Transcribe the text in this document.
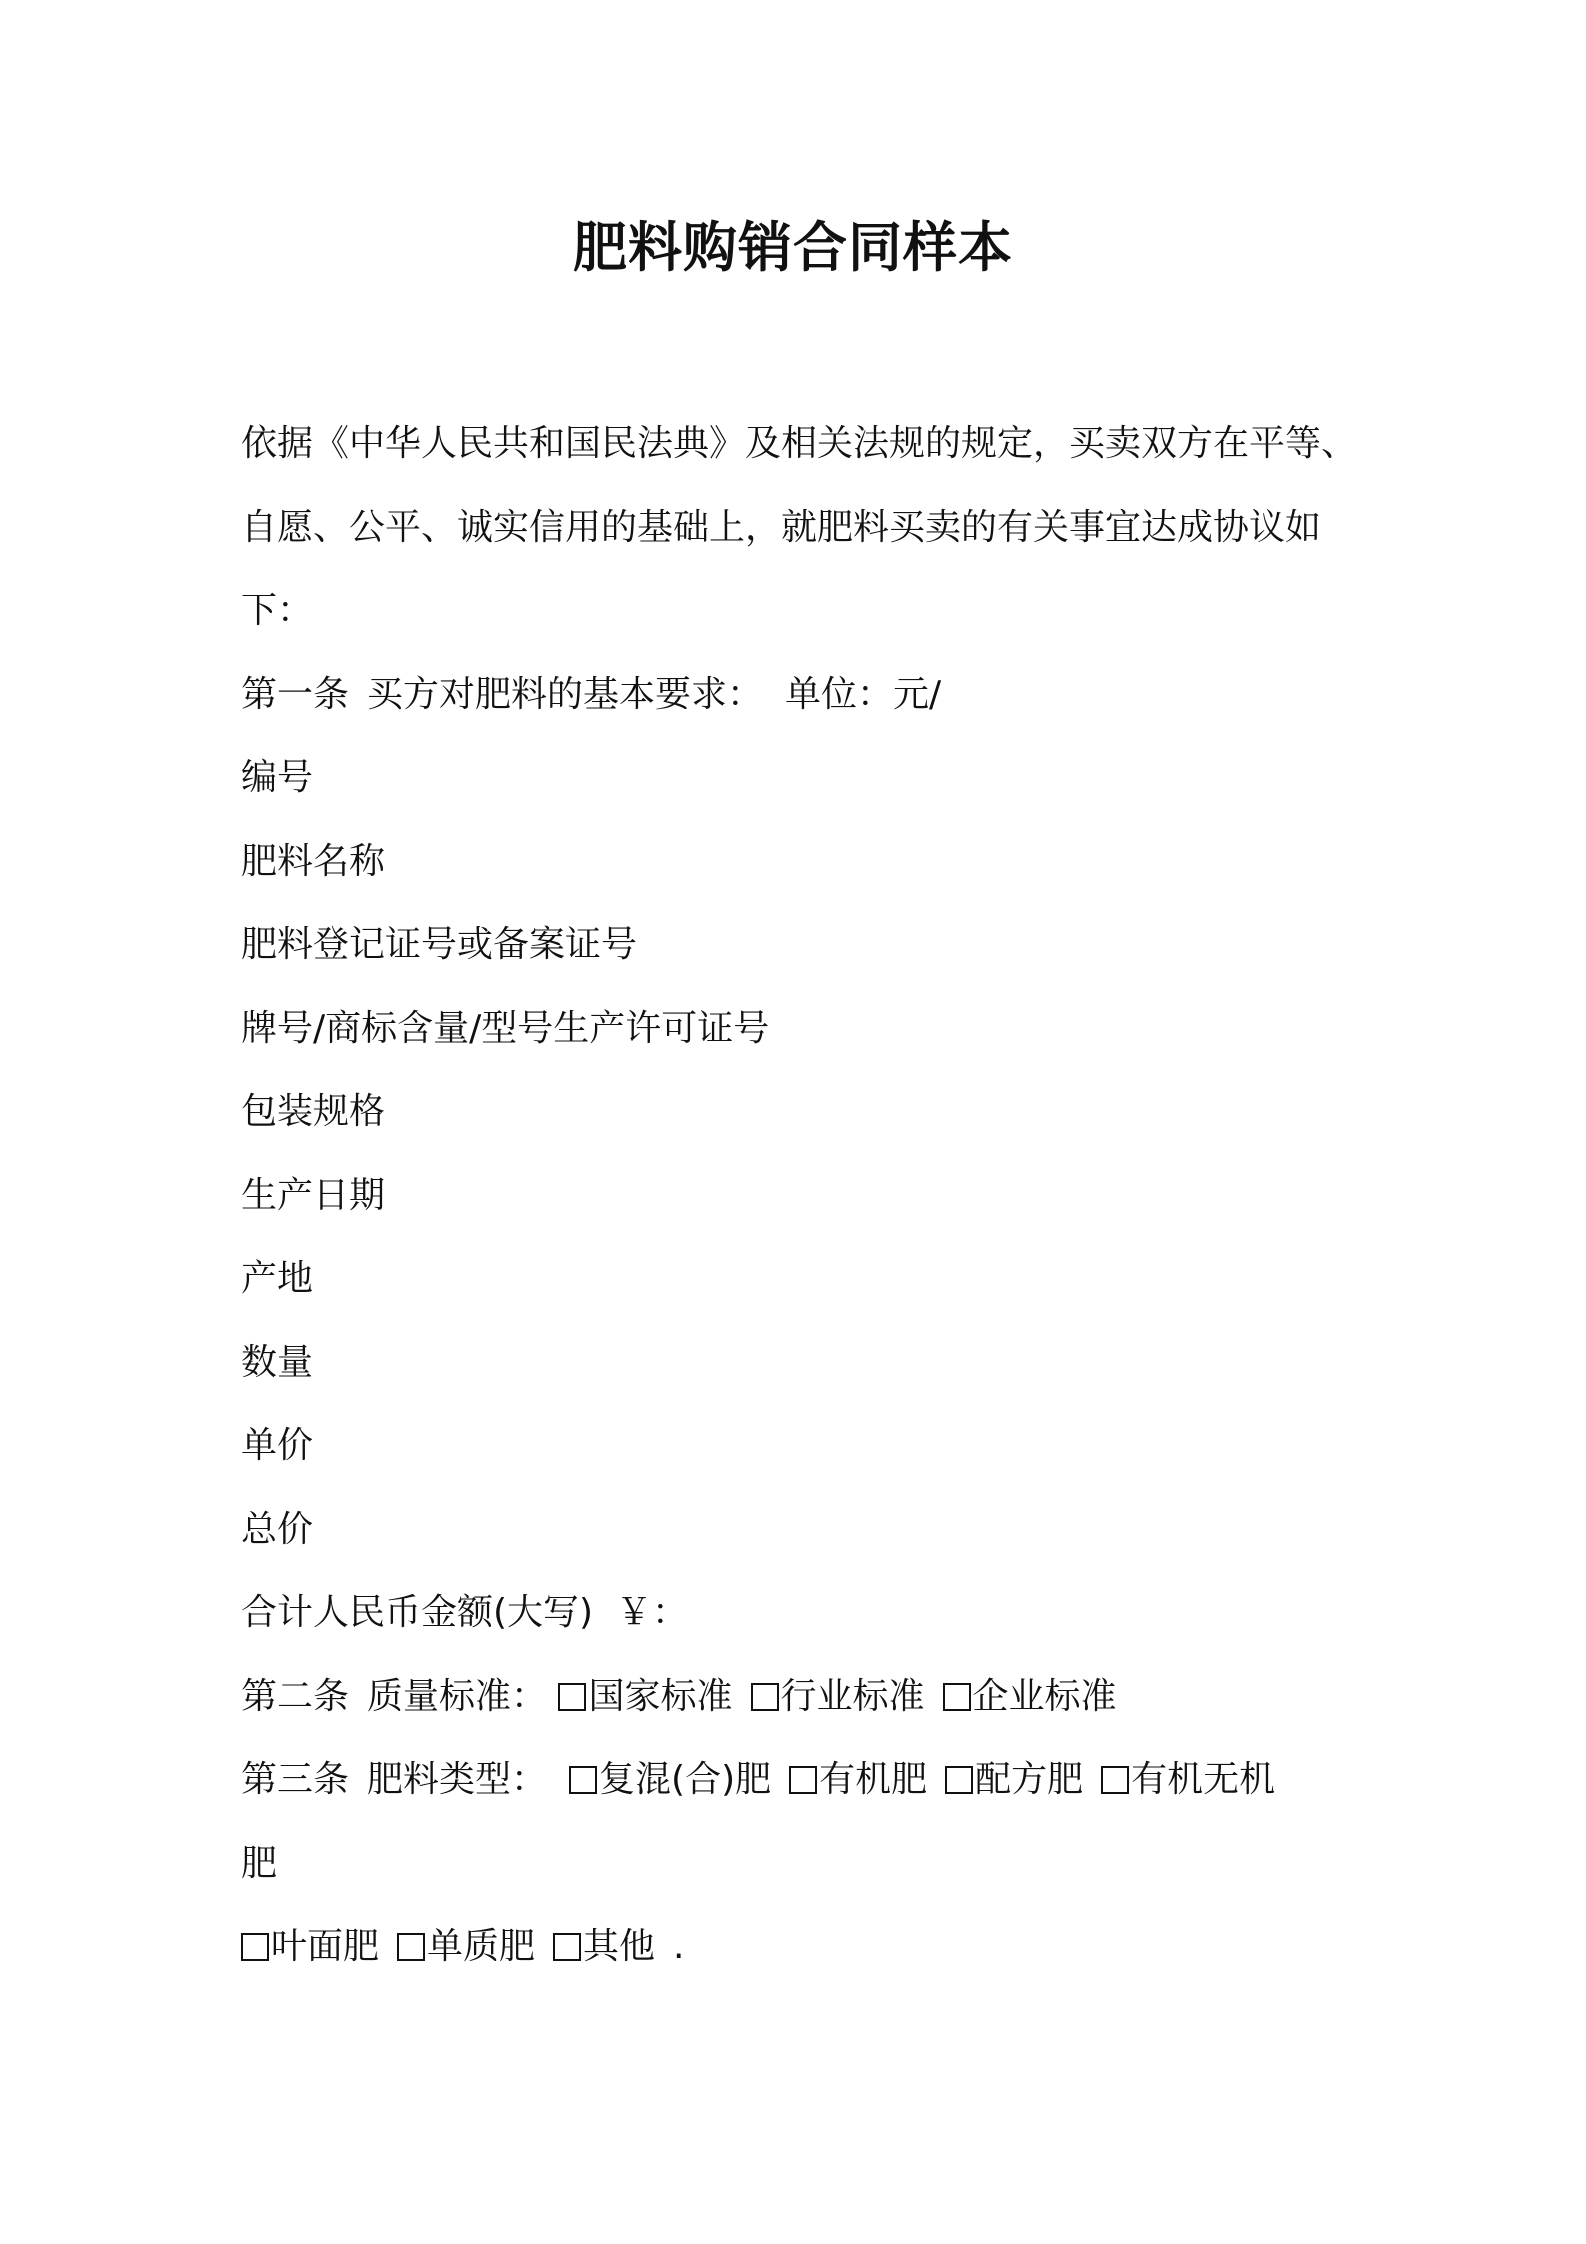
肥料购销合同样本

依据《中华人民共和国民法典》及相关法规的规定，买卖双方在平等、

自愿、公平、诚实信用的基础上，就肥料买卖的有关事宜达成协议如

下：

第一条 买方对肥料的基本要求： 单位：元/

编号

肥料名称

肥料登记证号或备案证号

牌号/商标含量/型号生产许可证号

包装规格

生产日期

产地

数量

单价

总价

合计人民币金额(大写)  ￥：

第二条 质量标准： 国家标准 行业标准 企业标准

第三条 肥料类型： 复混(合)肥 有机肥 配方肥 有机无机

肥

叶面肥 单质肥 其他 .
